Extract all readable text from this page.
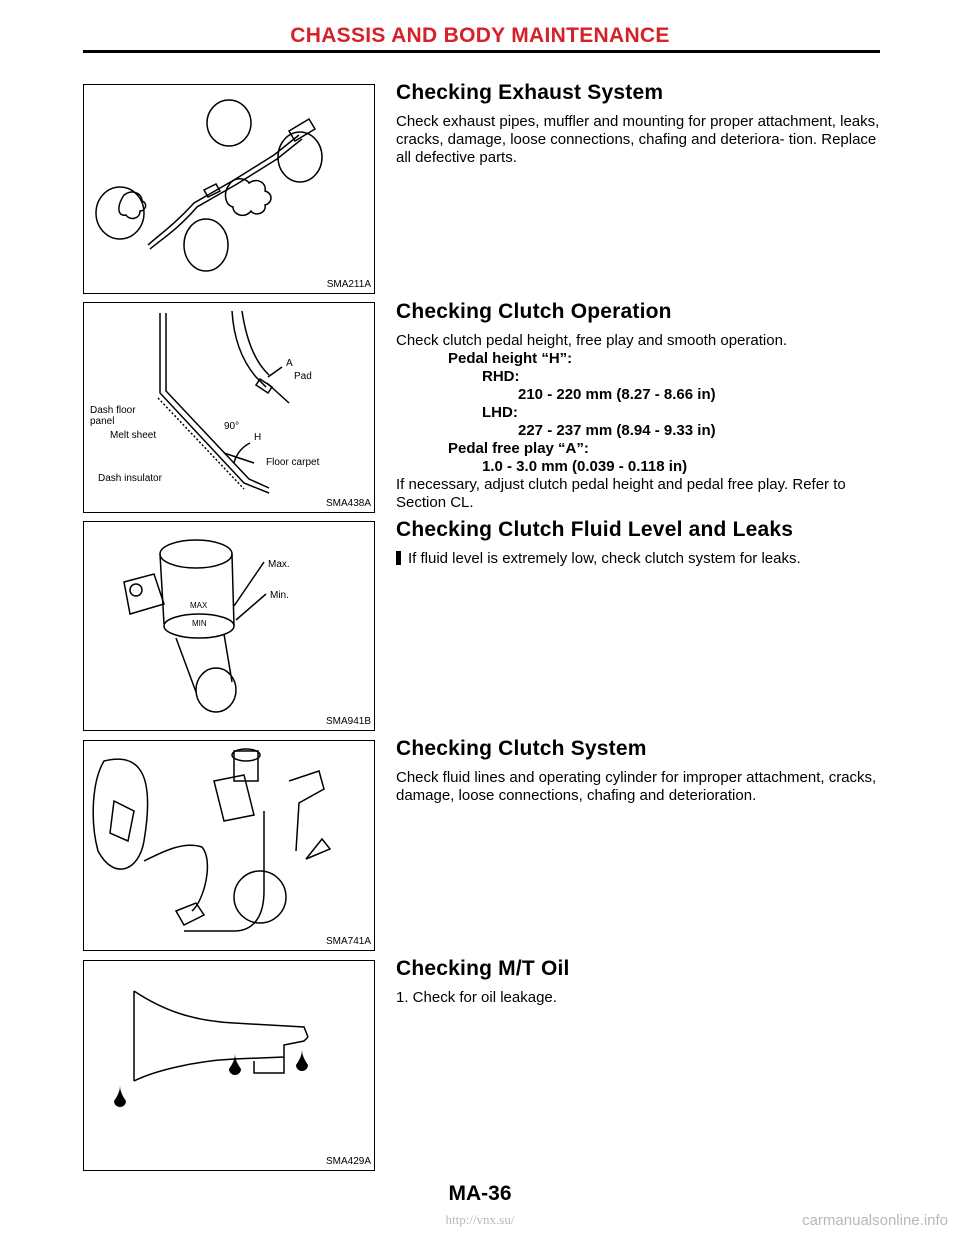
CHASSIS AND BODY MAINTENANCE
SMA211A
A
Pad
Dash floor
panel
Melt sheet
90°
H
Floor carpet
Dash insulator
SMA438A
Max.
Min.
MAX
MIN
SMA941B
SMA741A
SMA429A
Checking Exhaust System

Check exhaust pipes, muffler and mounting for proper attachment, leaks, cracks, damage, loose connections, chafing and deteriora- tion. Replace all defective parts.

Checking Clutch Operation

Check clutch pedal height, free play and smooth operation.

Pedal height “H”:
RHD:
210 - 220 mm (8.27 - 8.66 in)
LHD:
227 - 237 mm (8.94 - 9.33 in)
Pedal free play “A”:
1.0 - 3.0 mm (0.039 - 0.118 in)

If necessary, adjust clutch pedal height and pedal free play. Refer to Section CL.

Checking Clutch Fluid Level and Leaks
If fluid level is extremely low, check clutch system for leaks.
Checking Clutch System

Check fluid lines and operating cylinder for improper attachment, cracks, damage, loose connections, chafing and deterioration.

Checking M/T Oil

1. Check for oil leakage.

MA-36
http://vnx.su/	carmanualsonline.info
